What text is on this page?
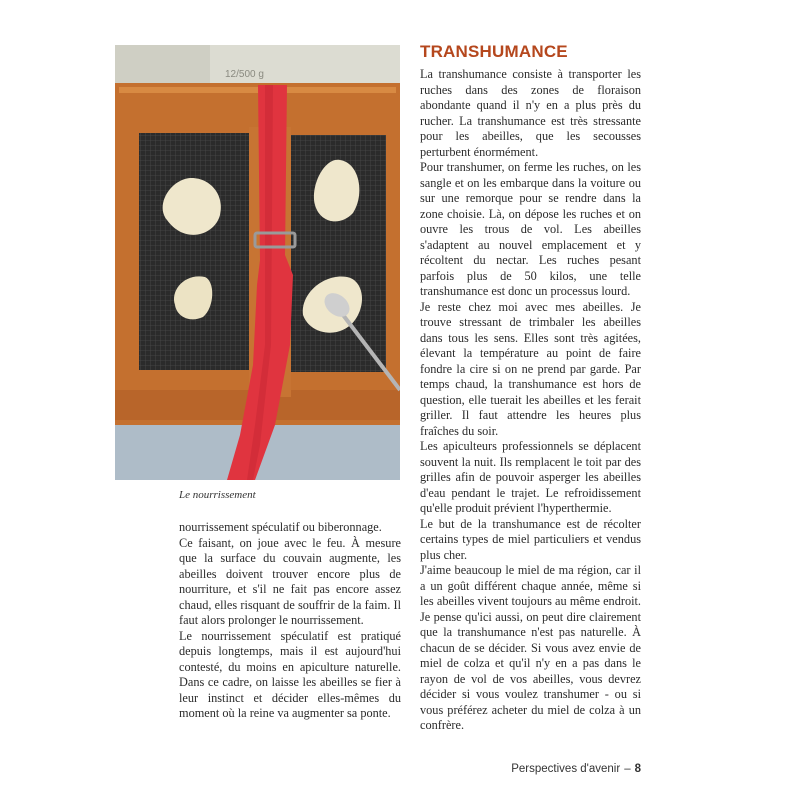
12/500 g
Le nourrissement

nourrissement spéculatif ou biberonnage.

Ce faisant, on joue avec le feu. À mesure que la surface du couvain augmente, les abeilles doivent trouver encore plus de nourriture, et s'il ne fait pas encore assez chaud, elles risquant de souffrir de la faim. Il faut alors prolonger le nourrissement.

Le nourrissement spéculatif est pratiqué depuis longtemps, mais il est aujourd'hui contesté, du moins en apiculture naturelle. Dans ce cadre, on laisse les abeilles se fier à leur instinct et décider elles-mêmes du moment où la reine va augmenter sa ponte.

TRANSHUMANCE

La transhumance consiste à transporter les ruches dans des zones de floraison abondante quand il n'y en a plus près du rucher. La transhumance est très stressante pour les abeilles, que les secousses perturbent énormément.

Pour transhumer, on ferme les ruches, on les sangle et on les embarque dans la voiture ou sur une remorque pour se rendre dans la zone choisie. Là, on dépose les ruches et on ouvre les trous de vol. Les abeilles s'adaptent au nouvel emplacement et y récoltent du nectar. Les ruches pesant parfois plus de 50 kilos, une telle transhumance est donc un processus lourd.

Je reste chez moi avec mes abeilles. Je trouve stressant de trimbaler les abeilles dans tous les sens. Elles sont très agitées, élevant la température au point de faire fondre la cire si on ne prend par garde. Par temps chaud, la transhumance est hors de question, elle tuerait les abeilles et les ferait griller. Il faut attendre les heures plus fraîches du soir.

Les apiculteurs professionnels se déplacent souvent la nuit. Ils remplacent le toit par des grilles afin de pouvoir asperger les abeilles d'eau pendant le trajet. Le refroidissement qu'elle produit prévient l'hyperthermie.

Le but de la transhumance est de récolter certains types de miel particuliers et vendus plus cher.

J'aime beaucoup le miel de ma région, car il a un goût différent chaque année, même si les abeilles vivent toujours au même endroit. Je pense qu'ici aussi, on peut dire clairement que la transhumance n'est pas naturelle. À chacun de se décider. Si vous avez envie de miel de colza et qu'il n'y en a pas dans le rayon de vol de vos abeilles, vous devrez décider si vous voulez transhumer - ou si vous préférez acheter du miel de colza à un confrère.

Perspectives d'avenir – 8
